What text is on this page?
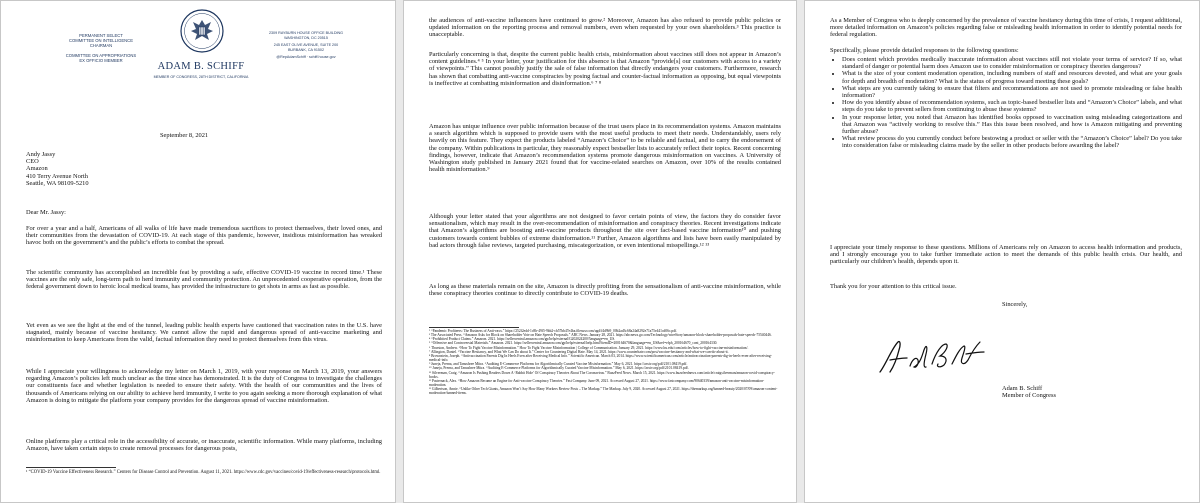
PERMANENT SELECT
COMMITTEE ON INTELLIGENCE
CHAIRMAN
COMMITTEE ON APPROPRIATIONS
EX OFFICIO MEMBER
ADAM B. SCHIFF
MEMBER OF CONGRESS, 28TH DISTRICT, CALIFORNIA
2309 RAYBURN HOUSE OFFICE BUILDING
WASHINGTON, DC 20515
245 EAST OLIVE AVENUE, SUITE 200
BURBANK, CA 91502
@RepAdamSchiff · schiff.house.gov
September 8, 2021
Andy Jassy
CEO
Amazon
410 Terry Avenue North
Seattle, WA 98109-5210
Dear Mr. Jassy:
For over a year and a half, Americans of all walks of life have made tremendous sacrifices to protect themselves, their loved ones, and their communities from the devastation of COVID-19. At each stage of this pandemic, however, insidious misinformation has wreaked havoc both on the government’s and the public’s efforts to combat the spread.
The scientific community has accomplished an incredible feat by providing a safe, effective COVID-19 vaccine in record time.¹ These vaccines are the only safe, long-term path to herd immunity and community protection. An unprecedented cooperative operation, from the federal government down to heroic local medical teams, has provided the infrastructure to get shots in arms as fast as possible.
Yet even as we see the light at the end of the tunnel, leading public health experts have cautioned that vaccination rates in the U.S. have stagnated, mainly because of vaccine hesitancy. We cannot allow the rapid and dangerous spread of anti-vaccine marketing and misinformation to keep Americans from the valid, factual information they need to protect themselves from this virus.
While I appreciate your willingness to acknowledge my letter on March 1, 2019, with your response on March 13, 2019, your answers regarding Amazon’s policies left much unclear as the time since has demonstrated. It is the duty of Congress to investigate the challenges our constituents face and whether legislation is needed to ensure their safety. With the health of our communities and the lives of thousands of Americans relying on our ability to achieve herd immunity, I write to you again seeking a more thorough explanation of what Amazon is doing to mitigate the platform your company provides for the dangerous spread of vaccine misinformation.
Online platforms play a critical role in the accessibility of accurate, or inaccurate, scientific information. While many platforms, including Amazon, have taken certain steps to create removal processes for dangerous posts,
¹ “COVID-19 Vaccine Effectiveness Research.” Centers for Disease Control and Prevention. August 11, 2021. https://www.cdc.gov/vaccines/covid-19/effectiveness-research/protocols.html.
the audiences of anti-vaccine influencers have continued to grow.² Moreover, Amazon has also refused to provide public policies or updated information on the reporting process and removal numbers, even when requested by your own shareholders.³ This practice is unacceptable.
Particularly concerning is that, despite the current public health crisis, misinformation about vaccines still does not appear in Amazon’s content guidelines.⁴ ⁵ In your letter, your justification for this absence is that Amazon “provide[s] our customers with access to a variety of viewpoints.” This cannot possibly justify the sale of false information that directly endangers your customers. Furthermore, research has shown that combatting anti-vaccine conspiracies by posing factual and counter-factual information as opposing, but equal viewpoints is ineffective at combatting misinformation and disinformation.⁶ ⁷ ⁸
Amazon has unique influence over public information because of the trust users place in its recommendation systems. Amazon maintains a search algorithm which is supposed to provide users with the most useful products to meet their needs. Understandably, users rely heavily on this feature. They expect the products labeled “Amazon’s Choice” to be reliable and factual, and to carry the endorsement of the company. Within publications in particular, they reasonably expect bestseller lists to accurately reflect their topics. Recent concerning findings, however, indicate that Amazon’s recommendation systems promote dangerous misinformation on vaccines. A University of Washington study published in January 2021 found that for vaccine-related searches on Amazon, over 10% of the results contained health misinformation.⁹
Although your letter stated that your algorithms are not designed to favor certain points of view, the factors they do consider favor sensationalism, which may result in the over-recommendation of misinformation and conspiracy theories. Recent investigations indicate that Amazon’s algorithms are boosting anti-vaccine products throughout the site over fact-based vaccine information¹⁰ and pushing customers towards content bubbles of extreme disinformation.¹¹ Further, Amazon algorithms and lists have been easily manipulated by bad actors through false reviews, targeted purchasing, miscategorization, or even intentional misspellings.¹² ¹³
As long as these materials remain on the site, Amazon is directly profiting from the sensationalism of anti-vaccine misinformation, while these conspiracy theories continue to directly contribute to COVID-19 deaths.
² “Pandemic Profiteers: The Business of Anti-vaxx.” https://252f2edd-1c8b-49f5-9bb2-cb57bb47e4ba.filesusr.com/ugd/f4d9b9_00b2ad3c68a24a8292e71a75e441cd06c.pdf.
³ The Associated Press. “Amazon Asks for Block on Shareholder Vote on Hate Speech Proposals.” ABC News. January 28, 2021. https://abcnews.go.com/Technology/wireStory/amazon-block-shareholder-proposals-hate-speech-75540446.
⁴ “Prohibited Product Claims.” Amazon. 2021. https://sellercentral.amazon.com/gp/help/external/G202024200?language=en_US.
⁵ “Offensive and Controversial Materials.” Amazon. 2021. https://sellercentral.amazon.com/gp/help/external/help.html?itemID=200164670&language=en_US&ref=efph_200164670_cont_200164330.
⁶ Thurston, Andrew. “How To Fight Vaccine Misinformation.” How To Fight Vaccine Misinformation | College of Communication. January 29, 2021. https://www.bu.edu/com/articles/how-to-fight-vaccine-misinformation/.
⁷ Allington, Daniel. “Vaccine Hesitancy, and What We Can Do about It.” Center for Countering Digital Hate. May 14, 2021. https://www.counterhate.com/post/vaccine-hesitancy-and-what-we-can-do-about-it.
⁸ Brownstein, Joseph. “Antivaccination Parents Dig In Heels Even after Receiving Medical Info.” Scientific American. March 03, 2014. https://www.scientificamerican.com/article/antivaccination-parents-dig-in-heels-even-after-receiving-medical-info.
⁹ Juneja, Prerna, and Tanushree Mitra. “Auditing E-Commerce Platforms for Algorithmically Curated Vaccine Misinformation.” May 6, 2021. https://arxiv.org/pdf/2101.08419.pdf.
¹⁰ Juneja, Prerna, and Tanushree Mitra. “Auditing E-Commerce Platforms for Algorithmically Curated Vaccine Misinformation.” May 6, 2021. https://arxiv.org/pdf/2101.08419.pdf.
¹¹ Silverman, Craig. “Amazon Is Pushing Readers Down A ‘Rabbit Hole’ Of Conspiracy Theories About The Coronavirus.” BuzzFeed News. March 15, 2021. https://www.buzzfeednews.com/article/craigsilverman/amazon-covid-conspiracy-books.
¹² Pasternack, Alex. “How Amazon Became an Engine for Anti-vaccine Conspiracy Theories.” Fast Company. June 09, 2021. Accessed August 27, 2021. https://www.fastcompany.com/90640339/amazon-anti-vaccine-misinformation-moderation.
¹³ Gilbertson, Annie. “Unlike Other Tech Giants, Amazon Won’t Say How Many Workers Review Posts – The Markup.” The Markup. July 9, 2020. Accessed August 27, 2021. https://themarkup.org/banned-beauty/2020/07/09/amazon-content-moderation-banned-items.
As a Member of Congress who is deeply concerned by the prevalence of vaccine hesitancy during this time of crisis, I request additional, more detailed information on Amazon’s policies regarding false or misleading health information in order to identify potential needs for federal regulation.
Specifically, please provide detailed responses to the following questions:
• Does content which provides medically inaccurate information about vaccines still not violate your terms of service? If so, what standard of danger or potential harm does Amazon use to consider misinformation or conspiracy theories dangerous?
• What is the size of your content moderation operation, including numbers of staff and resources devoted, and what are your goals for depth and breadth of moderation? What is the status of progress toward meeting these goals?
• What steps are you currently taking to ensure that filters and recommendations are not used to promote misleading or false health information?
• How do you identify abuse of recommendation systems, such as topic-based bestseller lists and “Amazon’s Choice” labels, and what steps do you take to prevent sellers from continuing to abuse these systems?
• In your response letter, you noted that Amazon has identified books opposed to vaccination using misleading categorizations and that Amazon was “actively working to resolve this.” Has this issue been resolved, and how is Amazon mitigating and preventing further abuse?
• What review process do you currently conduct before bestowing a product or seller with the “Amazon’s Choice” label? Do you take into consideration false or misleading claims made by the seller in other products before awarding the label?
I appreciate your timely response to these questions. Millions of Americans rely on Amazon to access health information and products, and I strongly encourage you to take further immediate action to meet the demands of this public health crisis. Our health, and particularly our children’s health, depends upon it.
Thank you for your attention to this critical issue.
Sincerely,
Adam B. Schiff
Member of Congress
